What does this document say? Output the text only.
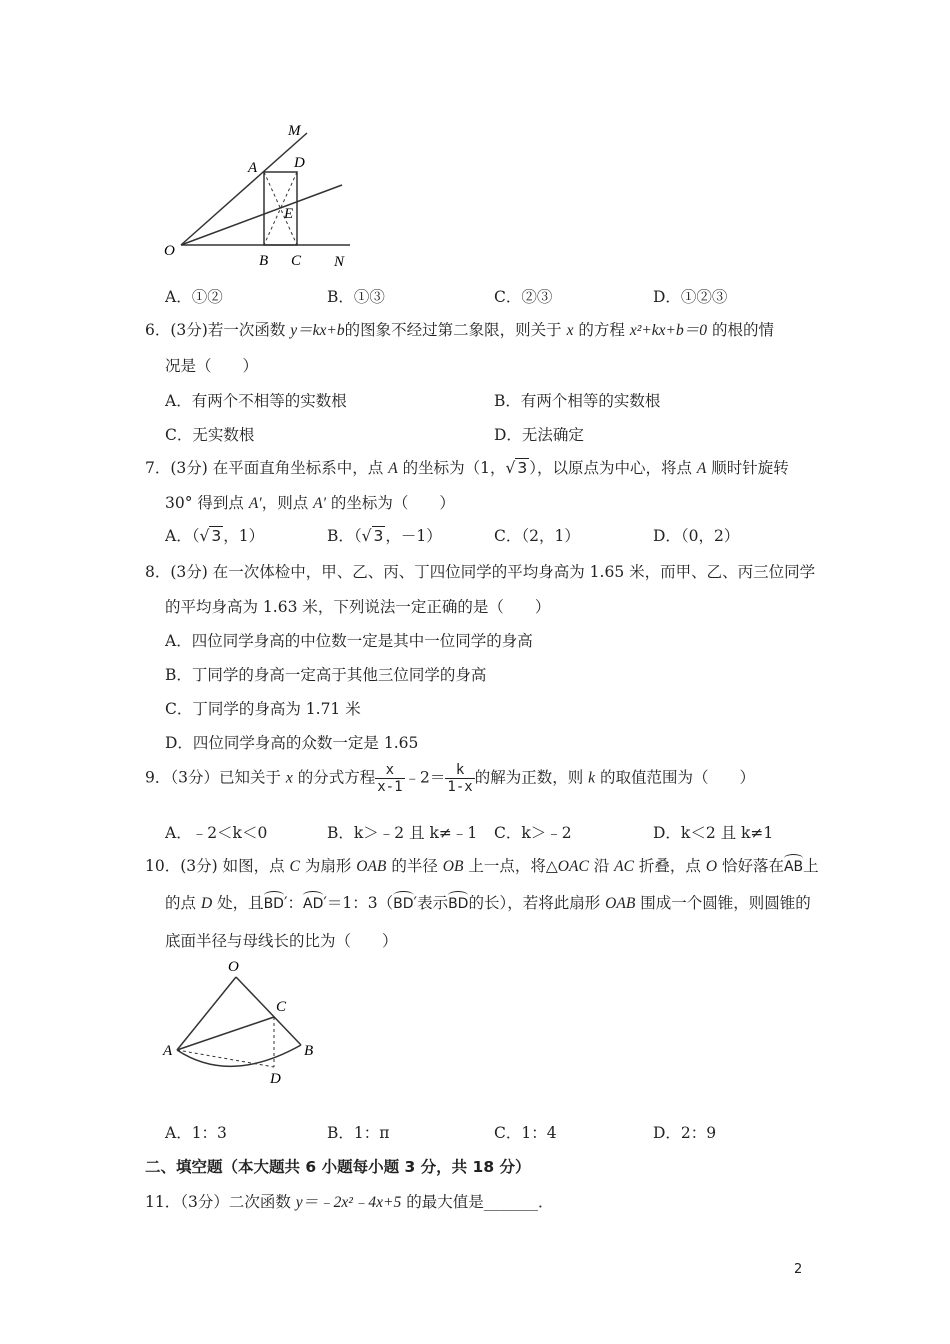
M
A D
E
O
B C N
A．①②	B．①③	C．②③	D．①②③
6．(3分)若一次函数 y＝kx+b的图象不经过第二象限，则关于 x 的方程 x²+kx+b＝0 的根的情
况是（　　）
A．有两个不相等的实数根	B．有两个相等的实数根
C．无实数根	D．无法确定
7．(3分) 在平面直角坐标系中，点 A 的坐标为（1，√ 3 ），以原点为中心，将点 A 顺时针旋转
30° 得到点 A′，则点 A′ 的坐标为（　　）
A．（√ 3 ，1）	B．（√ 3 ，－1）	C．（2，1）	D．（0，2）
8．(3分) 在一次体检中，甲、乙、丙、丁四位同学的平均身高为 1.65 米，而甲、乙、丙三位同学
的平均身高为 1.63 米，下列说法一定正确的是（　　）
A．四位同学身高的中位数一定是其中一位同学的身高
B．丁同学的身高一定高于其他三位同学的身高
C．丁同学的身高为 1.71 米
D．四位同学身高的众数一定是 1.65
9．（3分）已知关于 x 的分式方程 $\frac{x}{x-1}$ ﹣2＝ $\frac{k}{1-x}$ 的解为正数，则 k 的取值范围为（　　）
A．﹣2＜k＜0	B．k＞﹣2 且 k≠﹣1 C．k＞﹣2	D．k＜2 且 k≠1
10．(3分) 如图，点 C 为扇形 OAB 的半径 OB 上一点，将△OAC 沿 AC 折叠，点 O 恰好落在AB上
的点 D 处，且BD′：AD′＝1：3（BD′表示BD的长），若将此扇形 OAB 围成一个圆锥，则圆锥的
底面半径与母线长的比为（　　）
O
C
A	B
D
A．1：3	B．1：π	C．1：4	D．2：9
二、填空题（本大题共 6 小题每小题 3 分，共 18 分）
11．（3分）二次函数 y＝﹣2x²﹣4x+5 的最大值是_______．
2
